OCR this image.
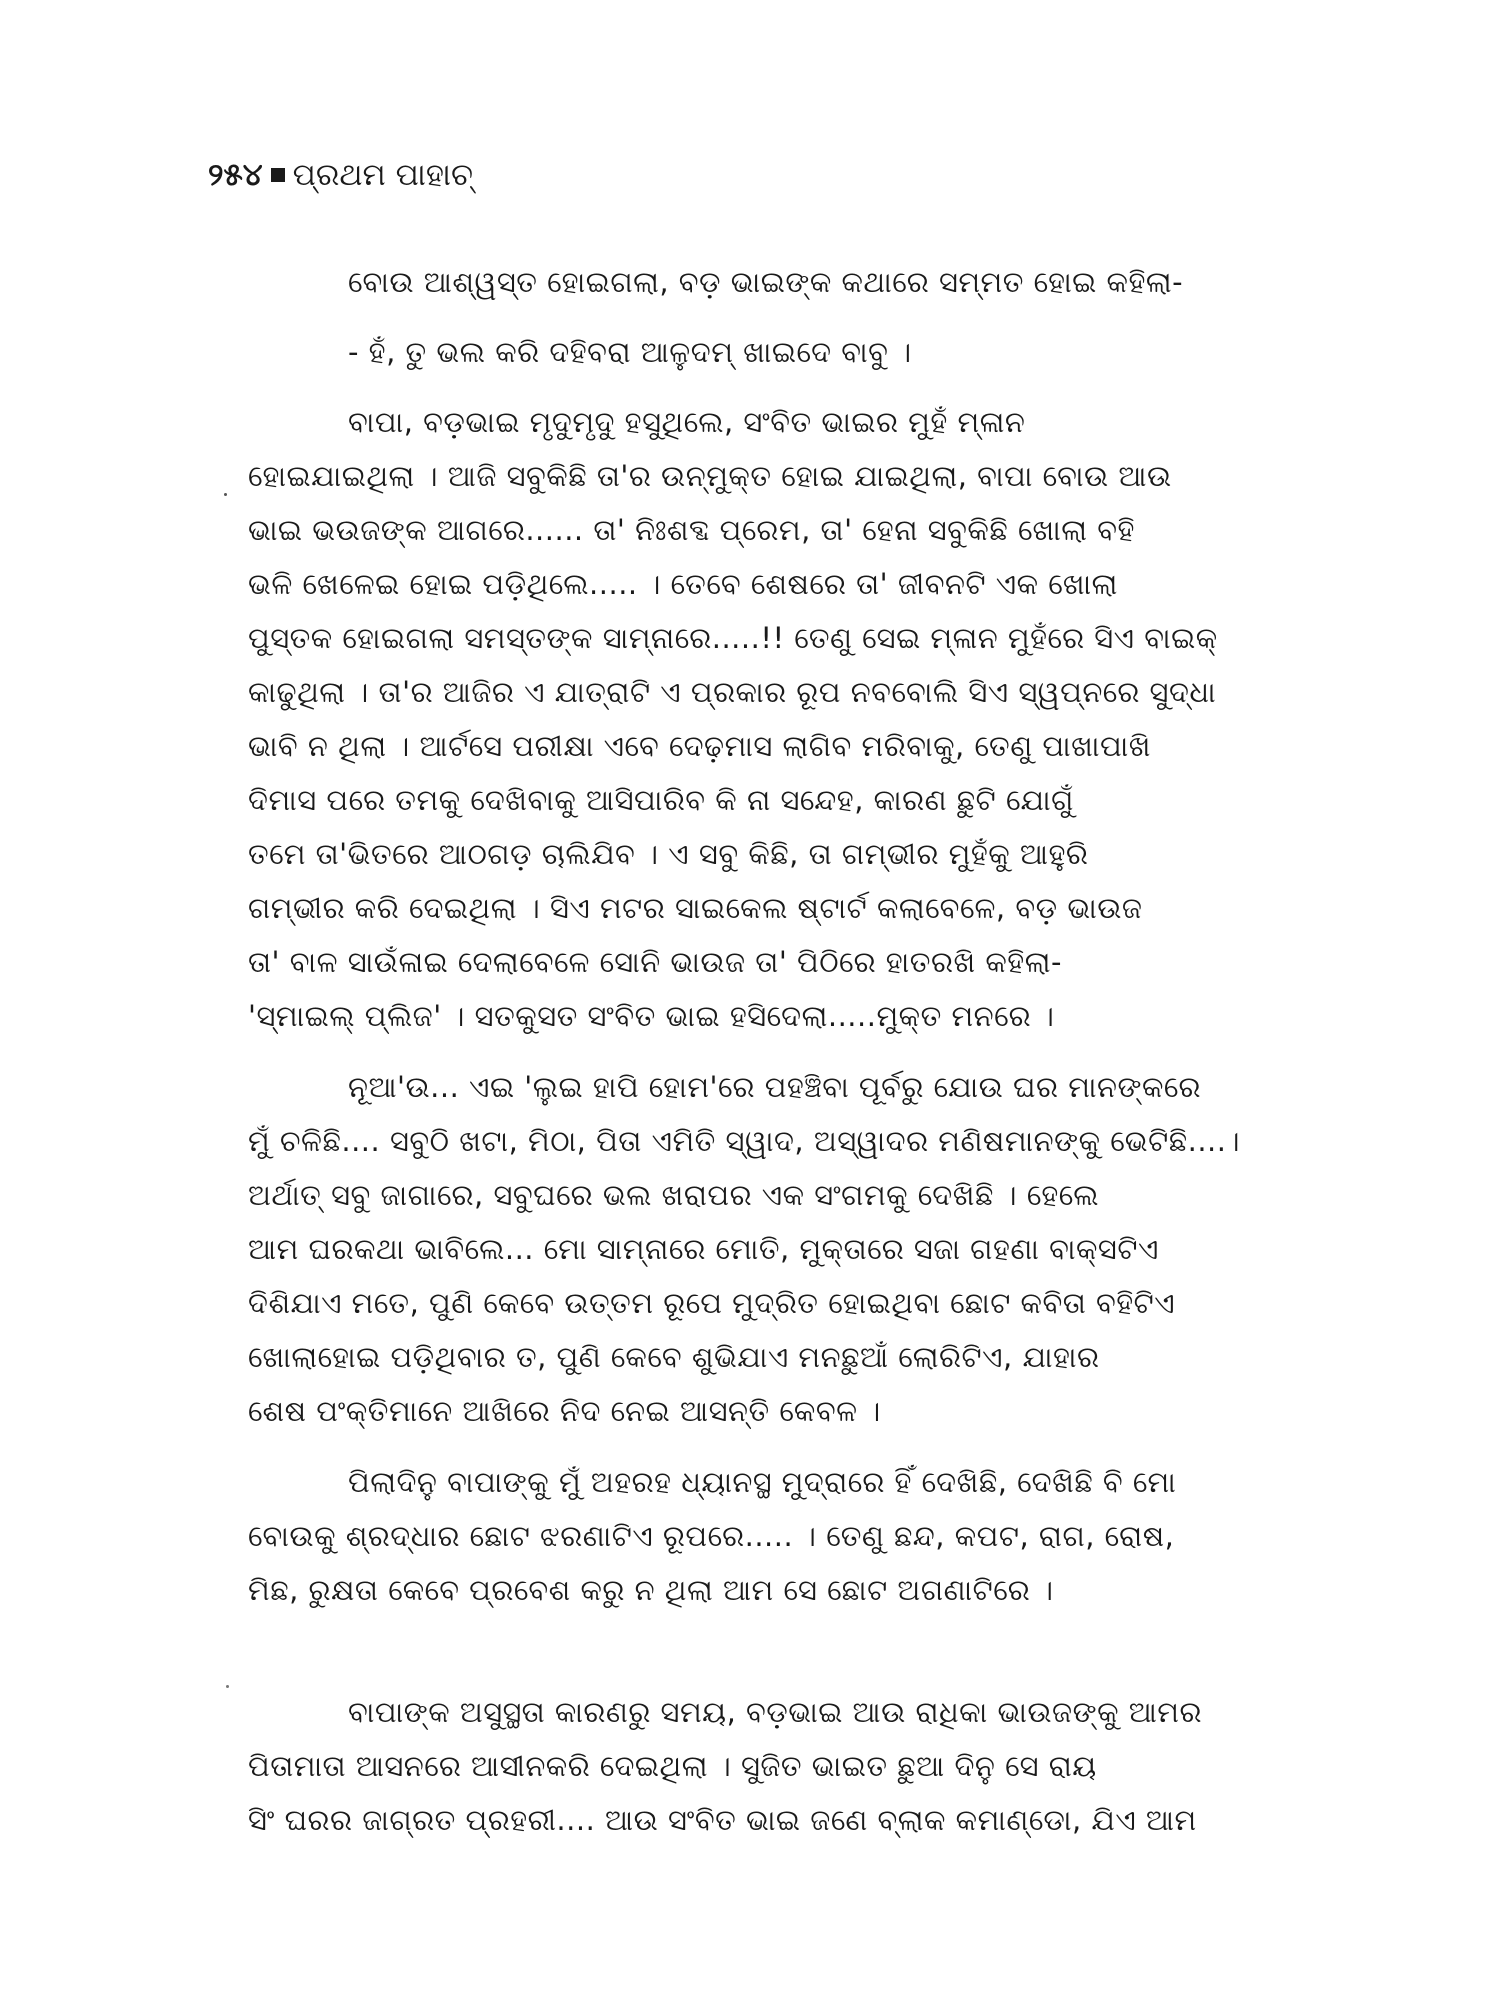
୨୫୪ ପ୍ରଥମ ପାହାଚ୍
ବୋଉ ଆଶ୍ୱସ୍ତ ହୋଇଗଲା, ବଡ଼ ଭାଇଙ୍କ କଥାରେ ସମ୍ମତ ହୋଇ କହିଲା-
- ହଁ, ତୁ ଭଲ କରି ଦହିବରା ଆଳୁଦମ୍ ଖାଇଦେ ବାବୁ ।
ବାପା, ବଡ଼ଭାଇ ମୃଦୁମୃଦୁ ହସୁଥିଲେ, ସଂବିତ ଭାଇର ମୁହଁ ମ୍ଳାନ
ହୋଇଯାଇଥିଲା । ଆଜି ସବୁକିଛି ତା'ର ଉନ୍ମୁକ୍ତ ହୋଇ ଯାଇଥିଲା, ବାପା ବୋଉ ଆଉ
ଭାଇ ଭଉଜଙ୍କ ଆଗରେ...... ତା' ନିଃଶବ୍ଦ ପ୍ରେମ, ତା' ହେନା ସବୁକିଛି ଖୋଲା ବହି
ଭଳି ଖେଳେଇ ହୋଇ ପଡ଼ିଥିଲେ..... । ତେବେ ଶେଷରେ ତା' ଜୀବନଟି ଏକ ଖୋଲା
ପୁସ୍ତକ ହୋଇଗଲା ସମସ୍ତଙ୍କ ସାମ୍ନାରେ.....!! ତେଣୁ ସେଇ ମ୍ଳାନ ମୁହଁରେ ସିଏ ବାଇକ୍
କାଢୁଥିଲା । ତା'ର ଆଜିର ଏ ଯାତ୍ରାଟି ଏ ପ୍ରକାର ରୂପ ନବବୋଲି ସିଏ ସ୍ୱପ୍ନରେ ସୁଦ୍ଧା
ଭାବି ନ ଥିଲା । ଆର୍ଟସେ ପରୀକ୍ଷା ଏବେ ଦେଢ଼ମାସ ଲାଗିବ ମରିବାକୁ, ତେଣୁ ପାଖାପାଖି
ଦିମାସ ପରେ ତମକୁ ଦେଖିବାକୁ ଆସିପାରିବ କି ନା ସନ୍ଦେହ, କାରଣ ଛୁଟି ଯୋଗୁଁ
ତମେ ତା'ଭିତରେ ଆଠଗଡ଼ ଚାଲିଯିବ । ଏ ସବୁ କିଛି, ତା ଗମ୍ଭୀର ମୁହଁକୁ ଆହୁରି
ଗମ୍ଭୀର କରି ଦେଇଥିଲା । ସିଏ ମଟର ସାଇକେଲ ଷ୍ଟାର୍ଟ କଲାବେଳେ, ବଡ଼ ଭାଉଜ
ତା' ବାଳ ସାଉଁଳାଇ ଦେଲାବେଳେ ସୋନି ଭାଉଜ ତା' ପିଠିରେ ହାତରଖି କହିଲା-
'ସ୍ମାଇଲ୍ ପ୍ଲିଜ' । ସତକୁସତ ସଂବିତ ଭାଇ ହସିଦେଲା.....ମୁକ୍ତ ମନରେ ।
ନୂଆ'ଉ... ଏଇ 'ଲୁଇ ହାପି ହୋମ'ରେ ପହଞ୍ଚିବା ପୂର୍ବରୁ ଯୋଉ ଘର ମାନଙ୍କରେ
ମୁଁ ଚଳିଛି.... ସବୁଠି ଖଟା, ମିଠା, ପିତା ଏମିତି ସ୍ୱାଦ, ଅସ୍ୱାଦର ମଣିଷମାନଙ୍କୁ ଭେଟିଛି....।
ଅର୍ଥାତ୍ ସବୁ ଜାଗାରେ, ସବୁଘରେ ଭଲ ଖରାପର ଏକ ସଂଗମକୁ ଦେଖିଛି । ହେଲେ
ଆମ ଘରକଥା ଭାବିଲେ... ମୋ ସାମ୍ନାରେ ମୋତି, ମୁକ୍ତାରେ ସଜା ଗହଣା ବାକ୍ସଟିଏ
ଦିଶିଯାଏ ମତେ, ପୁଣି କେବେ ଉତ୍ତମ ରୂପେ ମୁଦ୍ରିତ ହୋଇଥିବା ଛୋଟ କବିତା ବହିଟିଏ
ଖୋଲାହୋଇ ପଡ଼ିଥିବାର ତ, ପୁଣି କେବେ ଶୁଭିଯାଏ ମନଛୁଆଁ ଲୋରିଟିଏ, ଯାହାର
ଶେଷ ପଂକ୍ତିମାନେ ଆଖିରେ ନିଦ ନେଇ ଆସନ୍ତି କେବଳ ।
ପିଲାଦିନୁ ବାପାଙ୍କୁ ମୁଁ ଅହରହ ଧ୍ୟାନସ୍ଥ ମୁଦ୍ରାରେ ହିଁ ଦେଖିଛି, ଦେଖିଛି ବି ମୋ
ବୋଉକୁ ଶ୍ରଦ୍ଧାର ଛୋଟ ଝରଣାଟିଏ ରୂପରେ..... । ତେଣୁ ଛନ୍ଦ, କପଟ, ରାଗ, ରୋଷ,
ମିଛ, ରୁକ୍ଷତା କେବେ ପ୍ରବେଶ କରୁ ନ ଥିଲା ଆମ ସେ ଛୋଟ ଅଗଣାଟିରେ ।
ବାପାଙ୍କ ଅସୁସ୍ଥତା କାରଣରୁ ସମୟ, ବଡ଼ଭାଇ ଆଉ ରାଧିକା ଭାଉଜଙ୍କୁ ଆମର
ପିତାମାତା ଆସନରେ ଆସୀନକରି ଦେଇଥିଲା । ସୁଜିତ ଭାଇତ ଛୁଆ ଦିନୁ ସେ ରାୟ
ସିଂ ଘରର ଜାଗ୍ରତ ପ୍ରହରୀ.... ଆଉ ସଂବିତ ଭାଇ ଜଣେ ବ୍ଲାକ କମାଣ୍ଡୋ, ଯିଏ ଆମ
